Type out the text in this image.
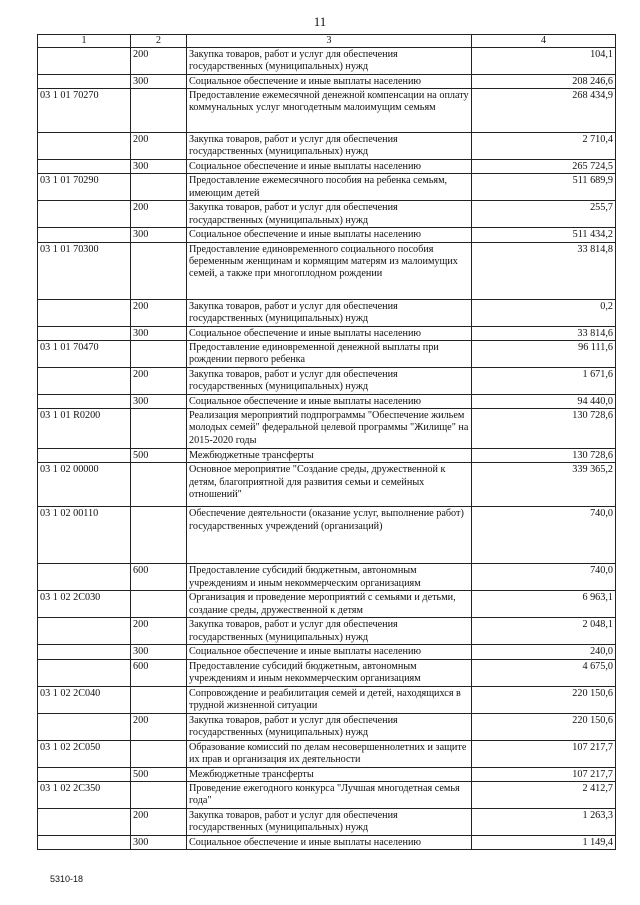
11
1	2	3	4
	200	Закупка товаров, работ и услуг для обеспечения государственных (муниципальных) нужд	104,1
	300	Социальное обеспечение и иные выплаты населению	208 246,6
03 1 01 70270		Предоставление ежемесячной денежной компенсации на оплату коммунальных услуг многодетным малоимущим семьям	268 434,9
	200	Закупка товаров, работ и услуг для обеспечения государственных (муниципальных) нужд	2 710,4
	300	Социальное обеспечение и иные выплаты населению	265 724,5
03 1 01 70290		Предоставление ежемесячного пособия на ребенка семьям, имеющим детей	511 689,9
	200	Закупка товаров, работ и услуг для обеспечения государственных (муниципальных) нужд	255,7
	300	Социальное обеспечение и иные выплаты населению	511 434,2
03 1 01 70300		Предоставление единовременного социального пособия беременным женщинам и кормящим матерям из малоимущих семей, а также при многоплодном рождении	33 814,8
	200	Закупка товаров, работ и услуг для обеспечения государственных (муниципальных) нужд	0,2
	300	Социальное обеспечение и иные выплаты населению	33 814,6
03 1 01 70470		Предоставление единовременной денежной выплаты при рождении первого ребенка	96 111,6
	200	Закупка товаров, работ и услуг для обеспечения государственных (муниципальных) нужд	1 671,6
	300	Социальное обеспечение и иные выплаты населению	94 440,0
03 1 01 R0200		Реализация мероприятий подпрограммы "Обеспечение жильем молодых семей" федеральной целевой программы "Жилище" на 2015-2020 годы	130 728,6
	500	Межбюджетные трансферты	130 728,6
03 1 02 00000		Основное мероприятие "Создание среды, дружественной к детям, благоприятной для развития семьи и семейных отношений"	339 365,2
03 1 02 00110		Обеспечение деятельности (оказание услуг, выполнение работ) государственных учреждений (организаций)	740,0
	600	Предоставление субсидий бюджетным, автономным учреждениям и иным некоммерческим организациям	740,0
03 1 02 2С030		Организация и проведение мероприятий с семьями и детьми, создание среды, дружественной к детям	6 963,1
	200	Закупка товаров, работ и услуг для обеспечения государственных (муниципальных) нужд	2 048,1
	300	Социальное обеспечение и иные выплаты населению	240,0
	600	Предоставление субсидий бюджетным, автономным учреждениям и иным некоммерческим организациям	4 675,0
03 1 02 2С040		Сопровождение и реабилитация семей и детей, находящихся в трудной жизненной ситуации	220 150,6
	200	Закупка товаров, работ и услуг для обеспечения государственных (муниципальных) нужд	220 150,6
03 1 02 2С050		Образование комиссий по делам несовершеннолетних и защите их прав и организация их деятельности	107 217,7
	500	Межбюджетные трансферты	107 217,7
03 1 02 2С350		Проведение ежегодного конкурса "Лучшая многодетная семья года"	2 412,7
	200	Закупка товаров, работ и услуг для обеспечения государственных (муниципальных) нужд	1 263,3
	300	Социальное обеспечение и иные выплаты населению	1 149,4
5310-18
